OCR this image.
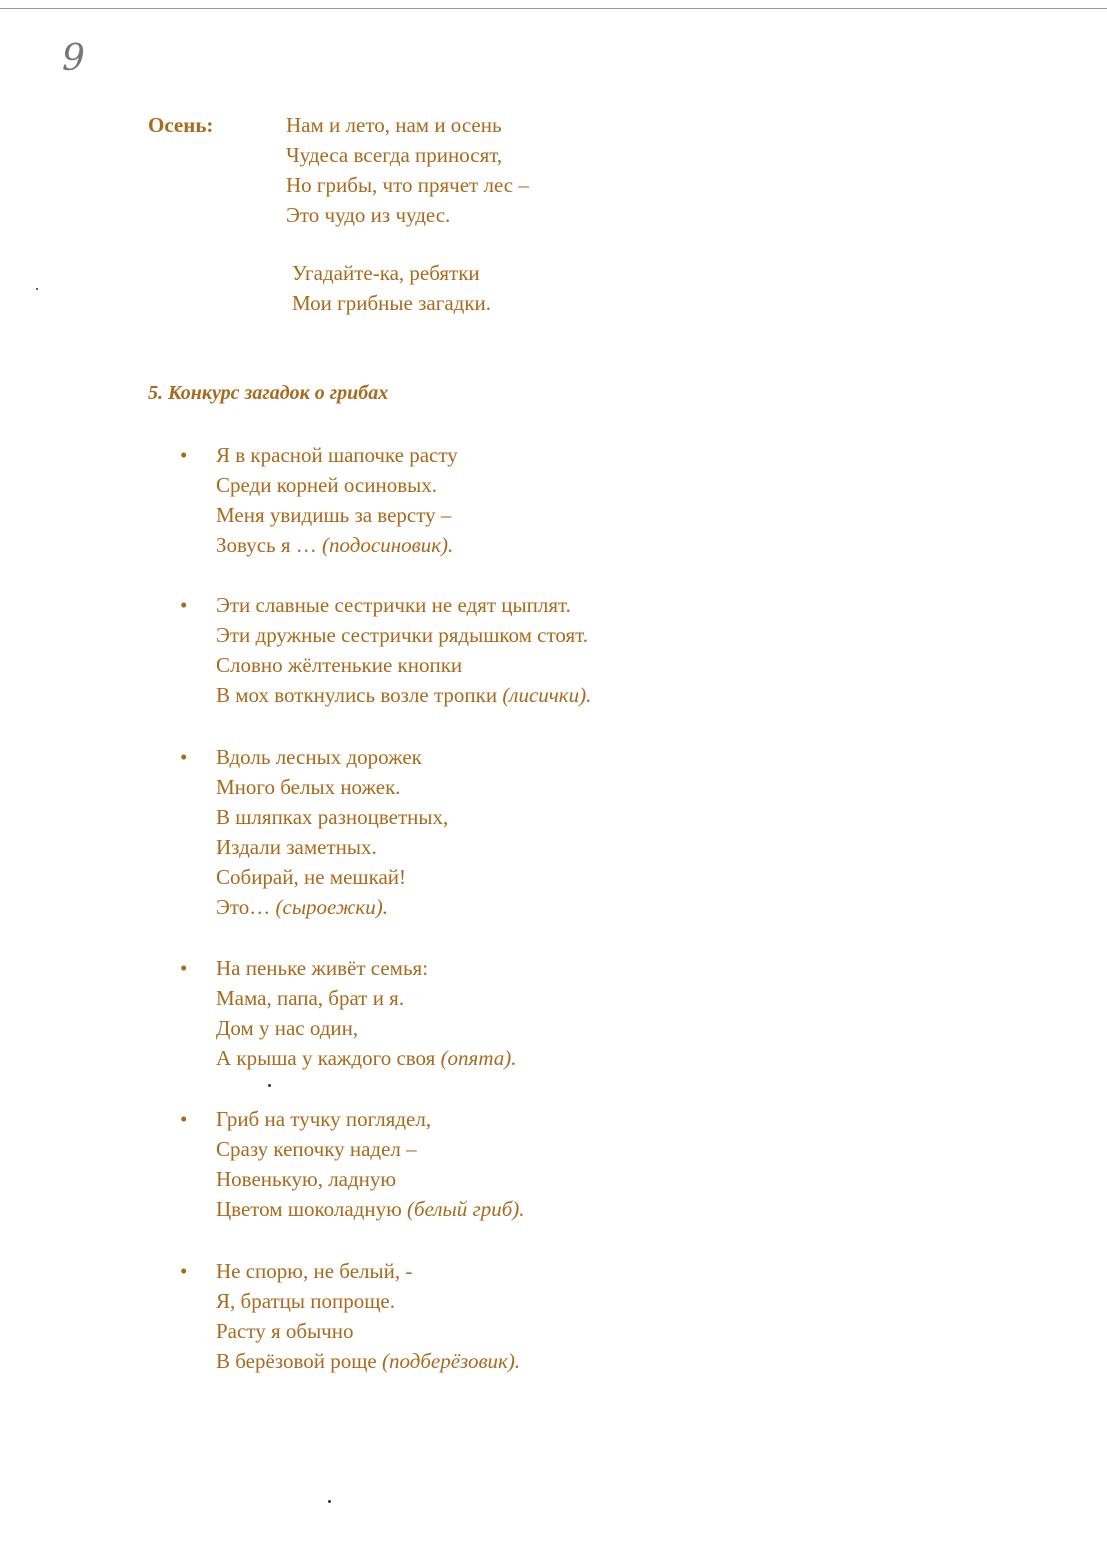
9
Осень:	Нам и лето, нам и осень
Чудеса всегда приносят,
Но грибы, что прячет лес –
Это чудо из чудес.
Угадайте-ка, ребятки
Мои грибные загадки.
5. Конкурс загадок о грибах
• Я в красной шапочке расту
Среди корней осиновых.
Меня увидишь за версту –
Зовусь я … (подосиновик).
• Эти славные сестрички не едят цыплят.
Эти дружные сестрички рядышком стоят.
Словно жёлтенькие кнопки
В мох воткнулись возле тропки (лисички).
• Вдоль лесных дорожек
Много белых ножек.
В шляпках разноцветных,
Издали заметных.
Собирай, не мешкай!
Это… (сыроежки).
• На пеньке живёт семья:
Мама, папа, брат и я.
Дом у нас один,
А крыша у каждого своя (опята).
• Гриб на тучку поглядел,
Сразу кепочку надел –
Новенькую, ладную
Цветом шоколадную (белый гриб).
• Не спорю, не белый, -
Я, братцы попроще.
Расту я обычно
В берёзовой роще (подберёзовик).
